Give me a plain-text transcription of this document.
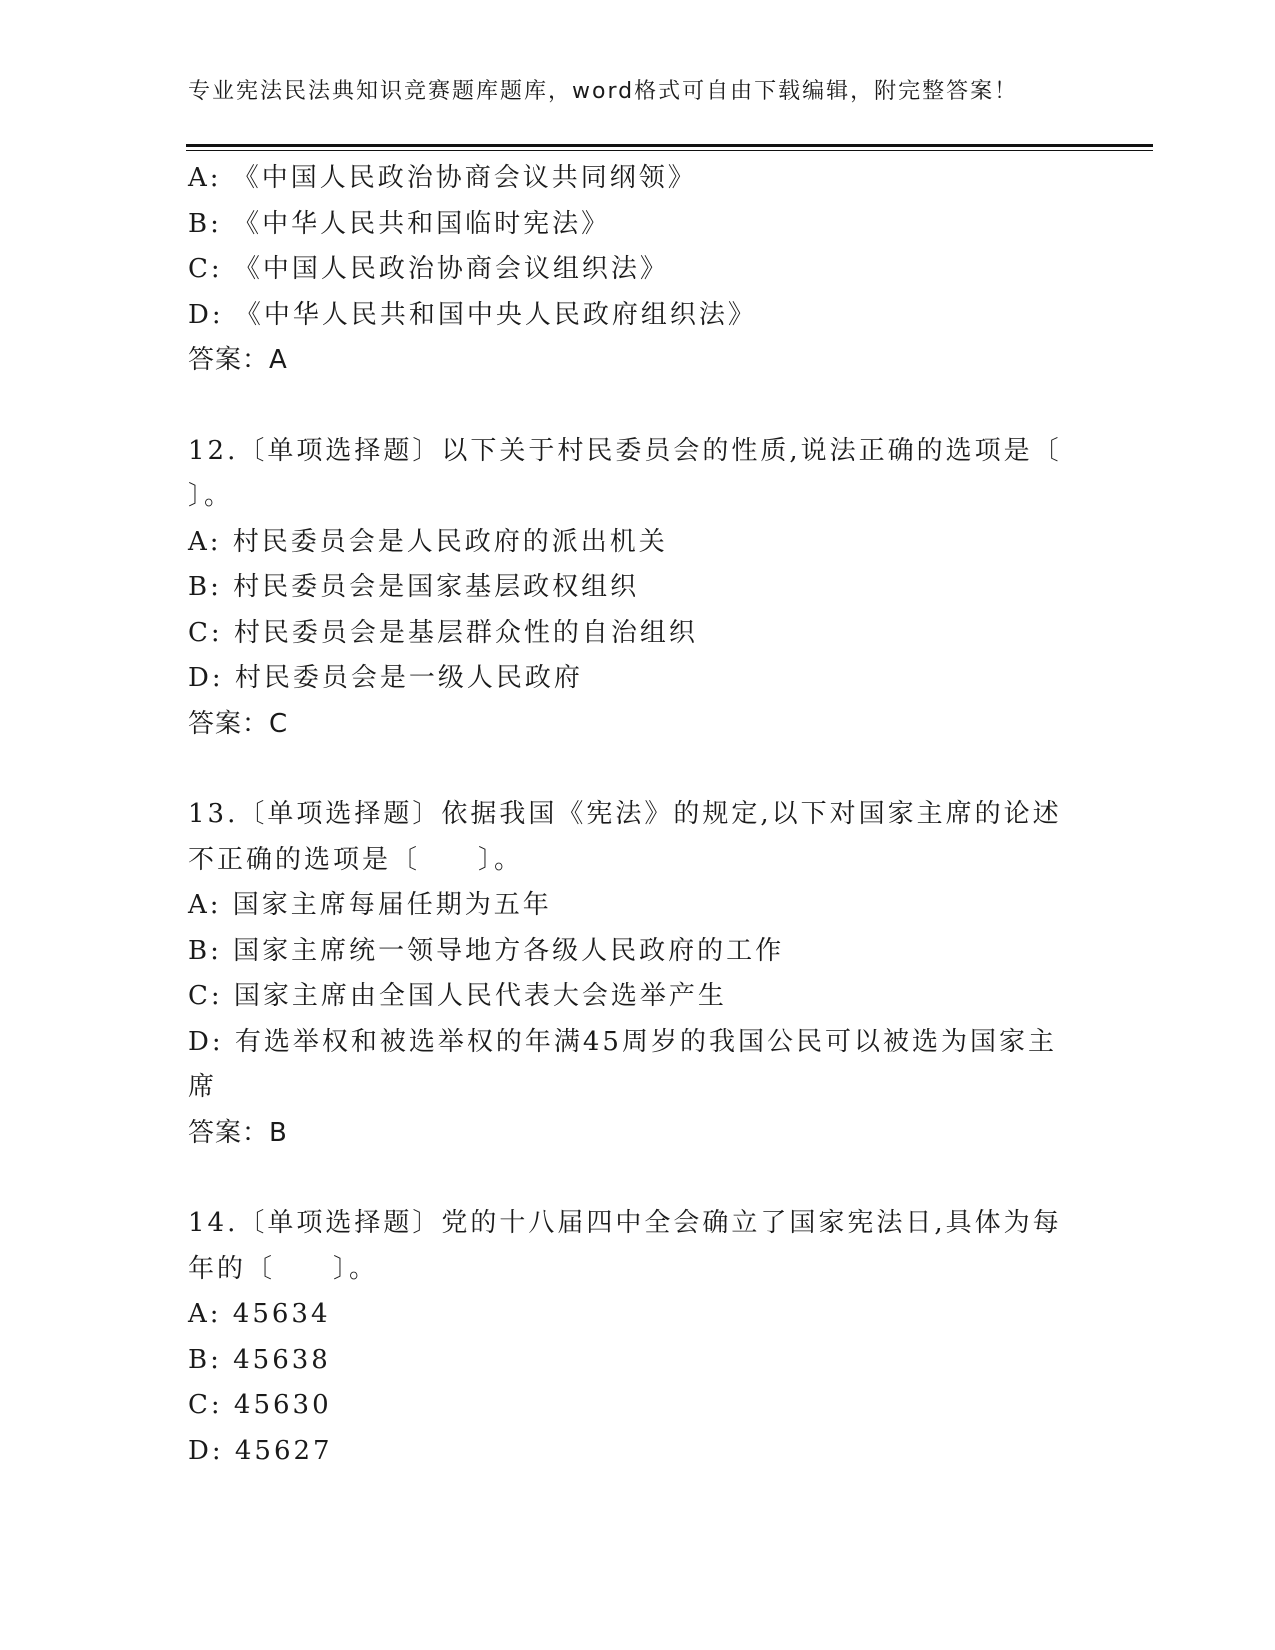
专业宪法民法典知识竞赛题库题库，word格式可自由下载编辑，附完整答案！
A: 《中国人民政治协商会议共同纲领》
B: 《中华人民共和国临时宪法》
C: 《中国人民政治协商会议组织法》
D: 《中华人民共和国中央人民政府组织法》
答案：A
12.〔单项选择题〕以下关于村民委员会的性质,说法正确的选项是〔
〕。
A: 村民委员会是人民政府的派出机关
B: 村民委员会是国家基层政权组织
C: 村民委员会是基层群众性的自治组织
D: 村民委员会是一级人民政府
答案：C
13.〔单项选择题〕依据我国《宪法》的规定,以下对国家主席的论述
不正确的选项是〔　　〕。
A: 国家主席每届任期为五年
B: 国家主席统一领导地方各级人民政府的工作
C: 国家主席由全国人民代表大会选举产生
D: 有选举权和被选举权的年满45周岁的我国公民可以被选为国家主
席
答案：B
14.〔单项选择题〕党的十八届四中全会确立了国家宪法日,具体为每
年的〔　　〕。
A: 45634
B: 45638
C: 45630
D: 45627
